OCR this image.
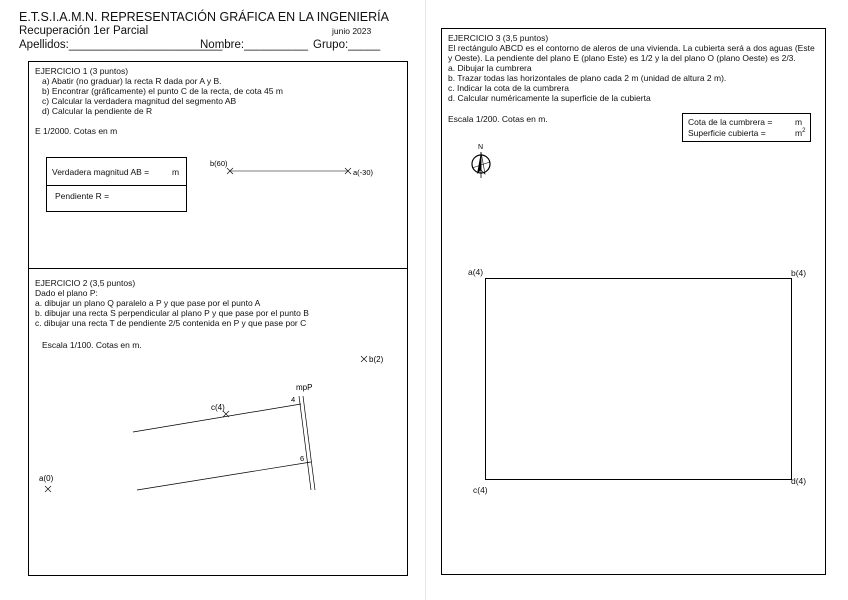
E.T.S.I.A.M.N. REPRESENTACIÓN GRÁFICA EN LA INGENIERÍA
Recuperación 1er Parcial	junio 2023
Apellidos:________________________
Nombre:__________ Grupo:_____
EJERCICIO 1 (3 puntos)
a) Abatir (no graduar) la recta R dada por A y B.
b) Encontrar (gráficamente) el punto C de la recta, de cota 45 m
c) Calcular la verdadera magnitud del segmento AB
d) Calcular la pendiente de R
E 1/2000. Cotas en m
Verdadera magnitud AB =	m
Pendiente R =
b(60)
a(-30)
EJERCICIO 2 (3,5 puntos)
Dado el plano P:
a. dibujar un plano Q paralelo a P y que pase por el punto A
b. dibujar una recta S perpendicular al plano P y que pase por el punto B
c. dibujar una recta T de pendiente 2/5 contenida en P y que pase por C
Escala 1/100. Cotas en m.
b(2)
mpP
4
6
c(4)
a(0)
EJERCICIO 3 (3,5 puntos)
El rectángulo ABCD es el contorno de aleros de una vivienda. La cubierta será a dos aguas (Este
y Oeste). La pendiente del plano E (plano Este) es 1/2 y la del plano O (plano Oeste) es 2/3.
a. Dibujar la cumbrera
b. Trazar todas las horizontales de plano cada 2 m (unidad de altura 2 m).
c. Indicar la cota de la cumbrera
d. Calcular numéricamente la superficie de la cubierta
Escala 1/200. Cotas en m.	Cota de la cumbrera =	m
Superficie cubierta =	$m^2$
N
a(4)	b(4)
c(4)
d(4)
